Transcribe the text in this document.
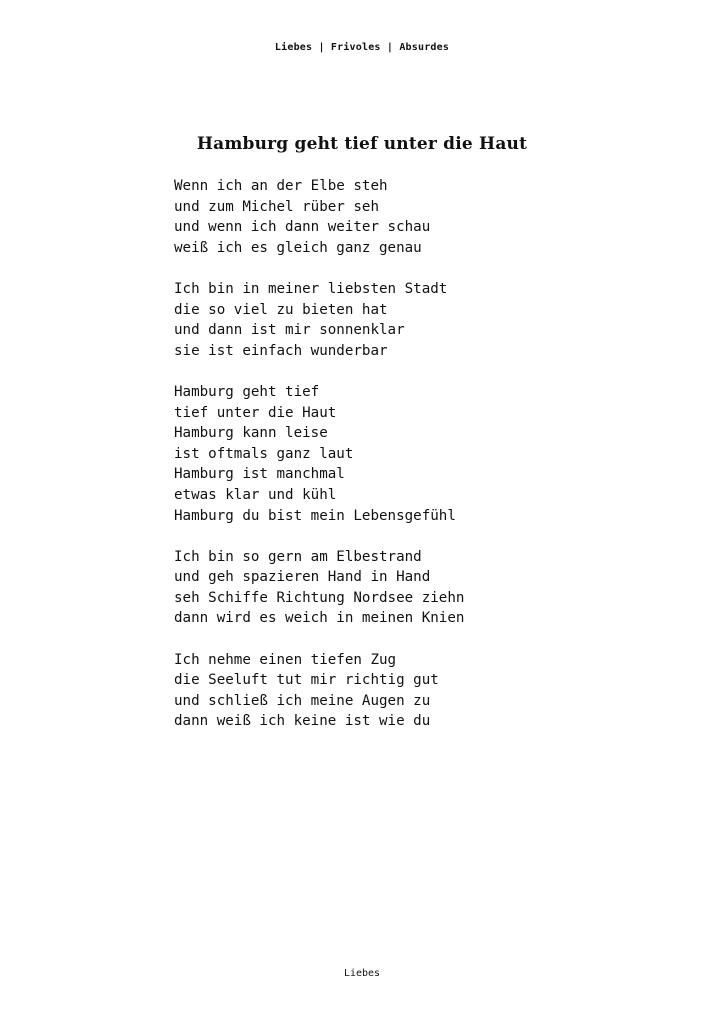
Liebes | Frivoles | Absurdes
Hamburg geht tief unter die Haut
Wenn ich an der Elbe steh
und zum Michel rüber seh
und wenn ich dann weiter schau
weiß ich es gleich ganz genau
Ich bin in meiner liebsten Stadt
die so viel zu bieten hat
und dann ist mir sonnenklar
sie ist einfach wunderbar
Hamburg geht tief
tief unter die Haut
Hamburg kann leise
ist oftmals ganz laut
Hamburg ist manchmal
etwas klar und kühl
Hamburg du bist mein Lebensgefühl
Ich bin so gern am Elbestrand
und geh spazieren Hand in Hand
seh Schiffe Richtung Nordsee ziehn
dann wird es weich in meinen Knien
Ich nehme einen tiefen Zug
die Seeluft tut mir richtig gut
und schließ ich meine Augen zu
dann weiß ich keine ist wie du
Liebes
